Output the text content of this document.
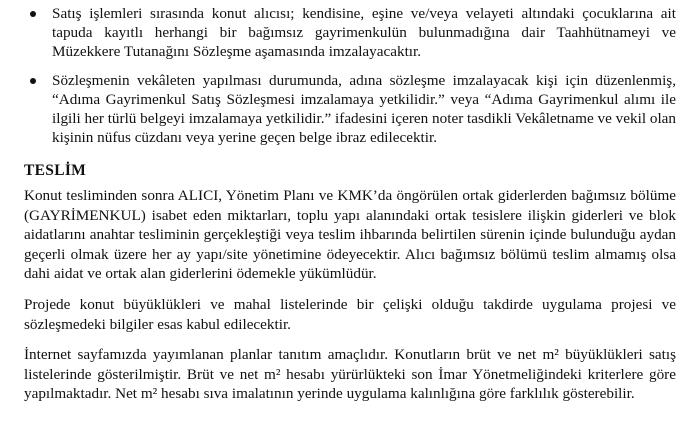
Satış işlemleri sırasında konut alıcısı; kendisine, eşine ve/veya velayeti altındaki çocuklarına ait tapuda kayıtlı herhangi bir bağımsız gayrimenkulün bulunmadığına dair Taahhütnameyi ve Müzekkere Tutanağını Sözleşme aşamasında imzalayacaktır.
Sözleşmenin vekâleten yapılması durumunda, adına sözleşme imzalayacak kişi için düzenlenmiş, “Adıma Gayrimenkul Satış Sözleşmesi imzalamaya yetkilidir.” veya “Adıma Gayrimenkul alımı ile ilgili her türlü belgeyi imzalamaya yetkilidir.” ifadesini içeren noter tasdikli Vekâletname ve vekil olan kişinin nüfus cüzdanı veya yerine geçen belge ibraz edilecektir.
TESLİM

Konut tesliminden sonra ALICI, Yönetim Planı ve KMK’da öngörülen ortak giderlerden bağımsız bölüme (GAYRİMENKUL) isabet eden miktarları, toplu yapı alanındaki ortak tesislere ilişkin giderleri ve blok aidatlarını anahtar tesliminin gerçekleştiği veya teslim ihbarında belirtilen sürenin içinde bulunduğu aydan geçerli olmak üzere her ay yapı/site yönetimine ödeyecektir. Alıcı bağımsız bölümü teslim almamış olsa dahi aidat ve ortak alan giderlerini ödemekle yükümlüdür.

Projede konut büyüklükleri ve mahal listelerinde bir çelişki olduğu takdirde uygulama projesi ve sözleşmedeki bilgiler esas kabul edilecektir.

İnternet sayfamızda yayımlanan planlar tanıtım amaçlıdır. Konutların brüt ve net m² büyüklükleri satış listelerinde gösterilmiştir. Brüt ve net m² hesabı yürürlükteki son İmar Yönetmeliğindeki kriterlere göre yapılmaktadır. Net m² hesabı sıva imalatının yerinde uygulama kalınlığına göre farklılık gösterebilir.
